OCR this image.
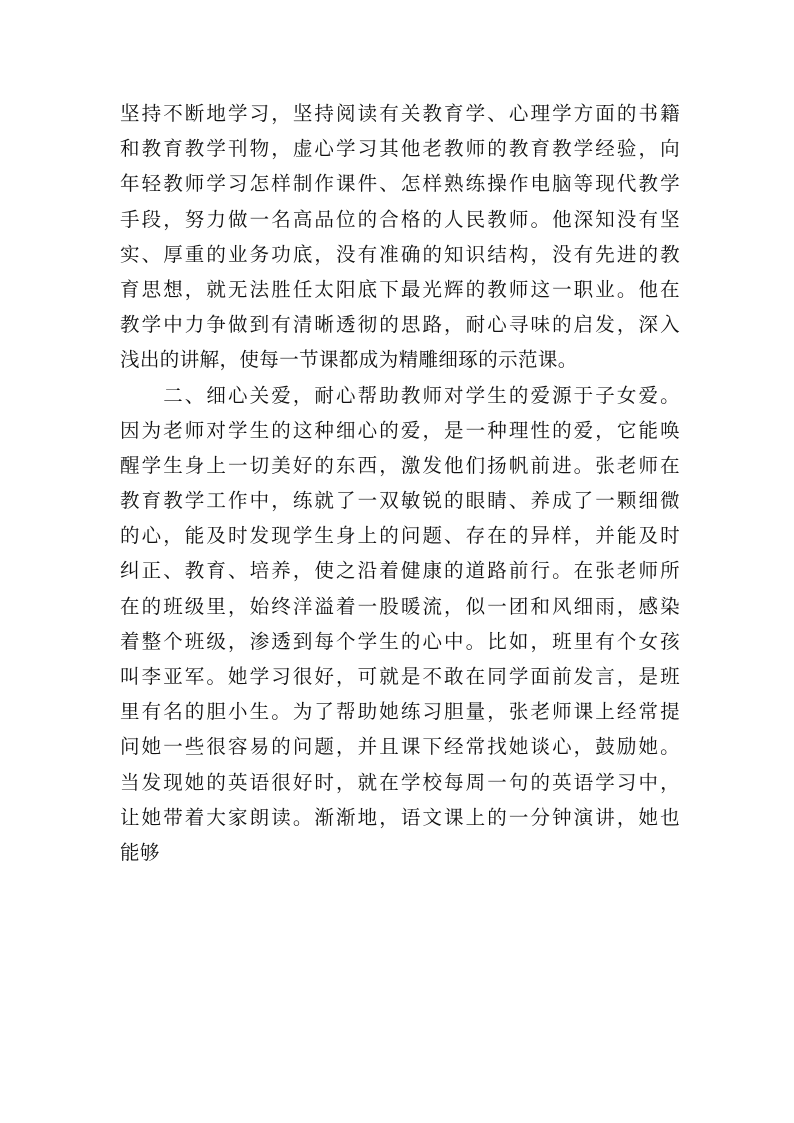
坚持不断地学习，坚持阅读有关教育学、心理学方面的书籍
和教育教学刊物，虚心学习其他老教师的教育教学经验，向
年轻教师学习怎样制作课件、怎样熟练操作电脑等现代教学
手段，努力做一名高品位的合格的人民教师。他深知没有坚
实、厚重的业务功底，没有准确的知识结构，没有先进的教
育思想，就无法胜任太阳底下最光辉的教师这一职业。他在
教学中力争做到有清晰透彻的思路，耐心寻味的启发，深入
浅出的讲解，使每一节课都成为精雕细琢的示范课。
　　二、细心关爱，耐心帮助教师对学生的爱源于子女爱。
因为老师对学生的这种细心的爱，是一种理性的爱，它能唤
醒学生身上一切美好的东西，激发他们扬帆前进。张老师在
教育教学工作中，练就了一双敏锐的眼睛、养成了一颗细微
的心，能及时发现学生身上的问题、存在的异样，并能及时
纠正、教育、培养，使之沿着健康的道路前行。在张老师所
在的班级里，始终洋溢着一股暖流，似一团和风细雨，感染
着整个班级，渗透到每个学生的心中。比如，班里有个女孩
叫李亚军。她学习很好，可就是不敢在同学面前发言，是班
里有名的胆小生。为了帮助她练习胆量，张老师课上经常提
问她一些很容易的问题，并且课下经常找她谈心，鼓励她。
当发现她的英语很好时，就在学校每周一句的英语学习中，
让她带着大家朗读。渐渐地，语文课上的一分钟演讲，她也
能够
